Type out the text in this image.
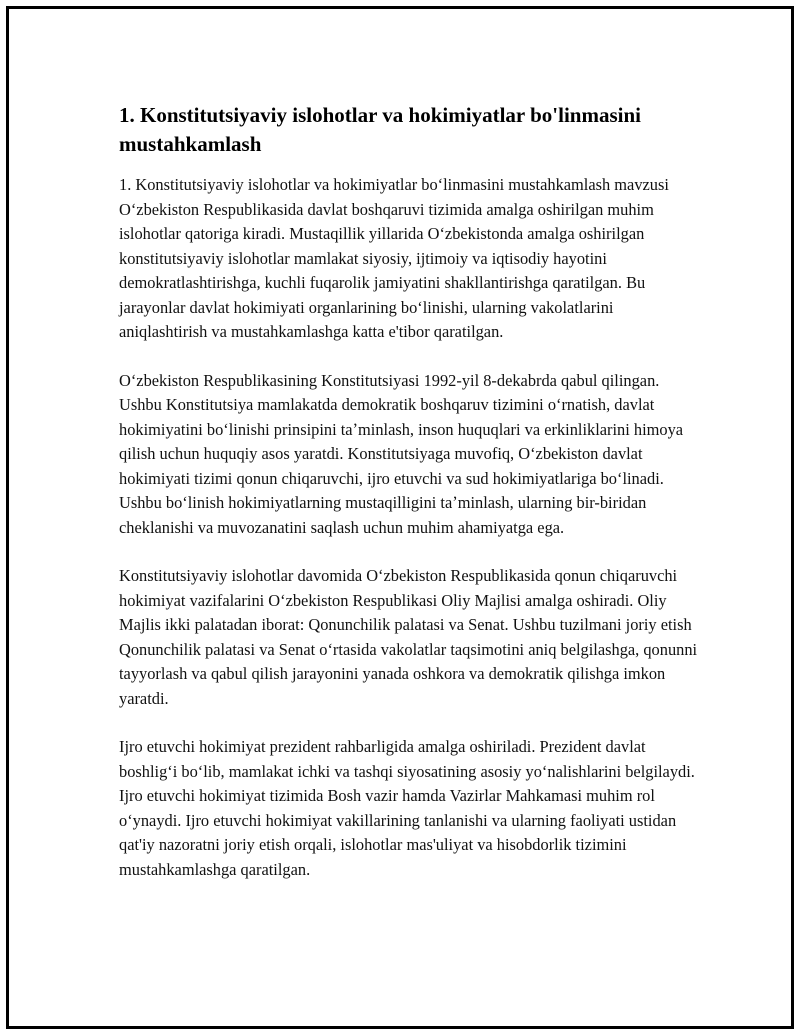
1. Konstitutsiyaviy islohotlar va hokimiyatlar bo'linmasini mustahkamlash

1. Konstitutsiyaviy islohotlar va hokimiyatlar boʻlinmasini mustahkamlash mavzusi Oʻzbekiston Respublikasida davlat boshqaruvi tizimida amalga oshirilgan muhim islohotlar qatoriga kiradi. Mustaqillik yillarida Oʻzbekistonda amalga oshirilgan konstitutsiyaviy islohotlar mamlakat siyosiy, ijtimoiy va iqtisodiy hayotini demokratlashtirishga, kuchli fuqarolik jamiyatini shakllantirishga qaratilgan. Bu jarayonlar davlat hokimiyati organlarining boʻlinishi, ularning vakolatlarini aniqlashtirish va mustahkamlashga katta e'tibor qaratilgan.

Oʻzbekiston Respublikasining Konstitutsiyasi 1992-yil 8-dekabrda qabul qilingan. Ushbu Konstitutsiya mamlakatda demokratik boshqaruv tizimini oʻrnatish, davlat hokimiyatini boʻlinishi prinsipini taʼminlash, inson huquqlari va erkinliklarini himoya qilish uchun huquqiy asos yaratdi. Konstitutsiyaga muvofiq, Oʻzbekiston davlat hokimiyati tizimi qonun chiqaruvchi, ijro etuvchi va sud hokimiyatlariga boʻlinadi. Ushbu boʻlinish hokimiyatlarning mustaqilligini taʼminlash, ularning bir-biridan cheklanishi va muvozanatini saqlash uchun muhim ahamiyatga ega.

Konstitutsiyaviy islohotlar davomida Oʻzbekiston Respublikasida qonun chiqaruvchi hokimiyat vazifalarini Oʻzbekiston Respublikasi Oliy Majlisi amalga oshiradi. Oliy Majlis ikki palatadan iborat: Qonunchilik palatasi va Senat. Ushbu tuzilmani joriy etish Qonunchilik palatasi va Senat oʻrtasida vakolatlar taqsimotini aniq belgilashga, qonunni tayyorlash va qabul qilish jarayonini yanada oshkora va demokratik qilishga imkon yaratdi.

Ijro etuvchi hokimiyat prezident rahbarligida amalga oshiriladi. Prezident davlat boshligʻi boʻlib, mamlakat ichki va tashqi siyosatining asosiy yoʻnalishlarini belgilaydi. Ijro etuvchi hokimiyat tizimida Bosh vazir hamda Vazirlar Mahkamasi muhim rol oʻynaydi. Ijro etuvchi hokimiyat vakillarining tanlanishi va ularning faoliyati ustidan qat'iy nazoratni joriy etish orqali, islohotlar mas'uliyat va hisobdorlik tizimini mustahkamlashga qaratilgan.
